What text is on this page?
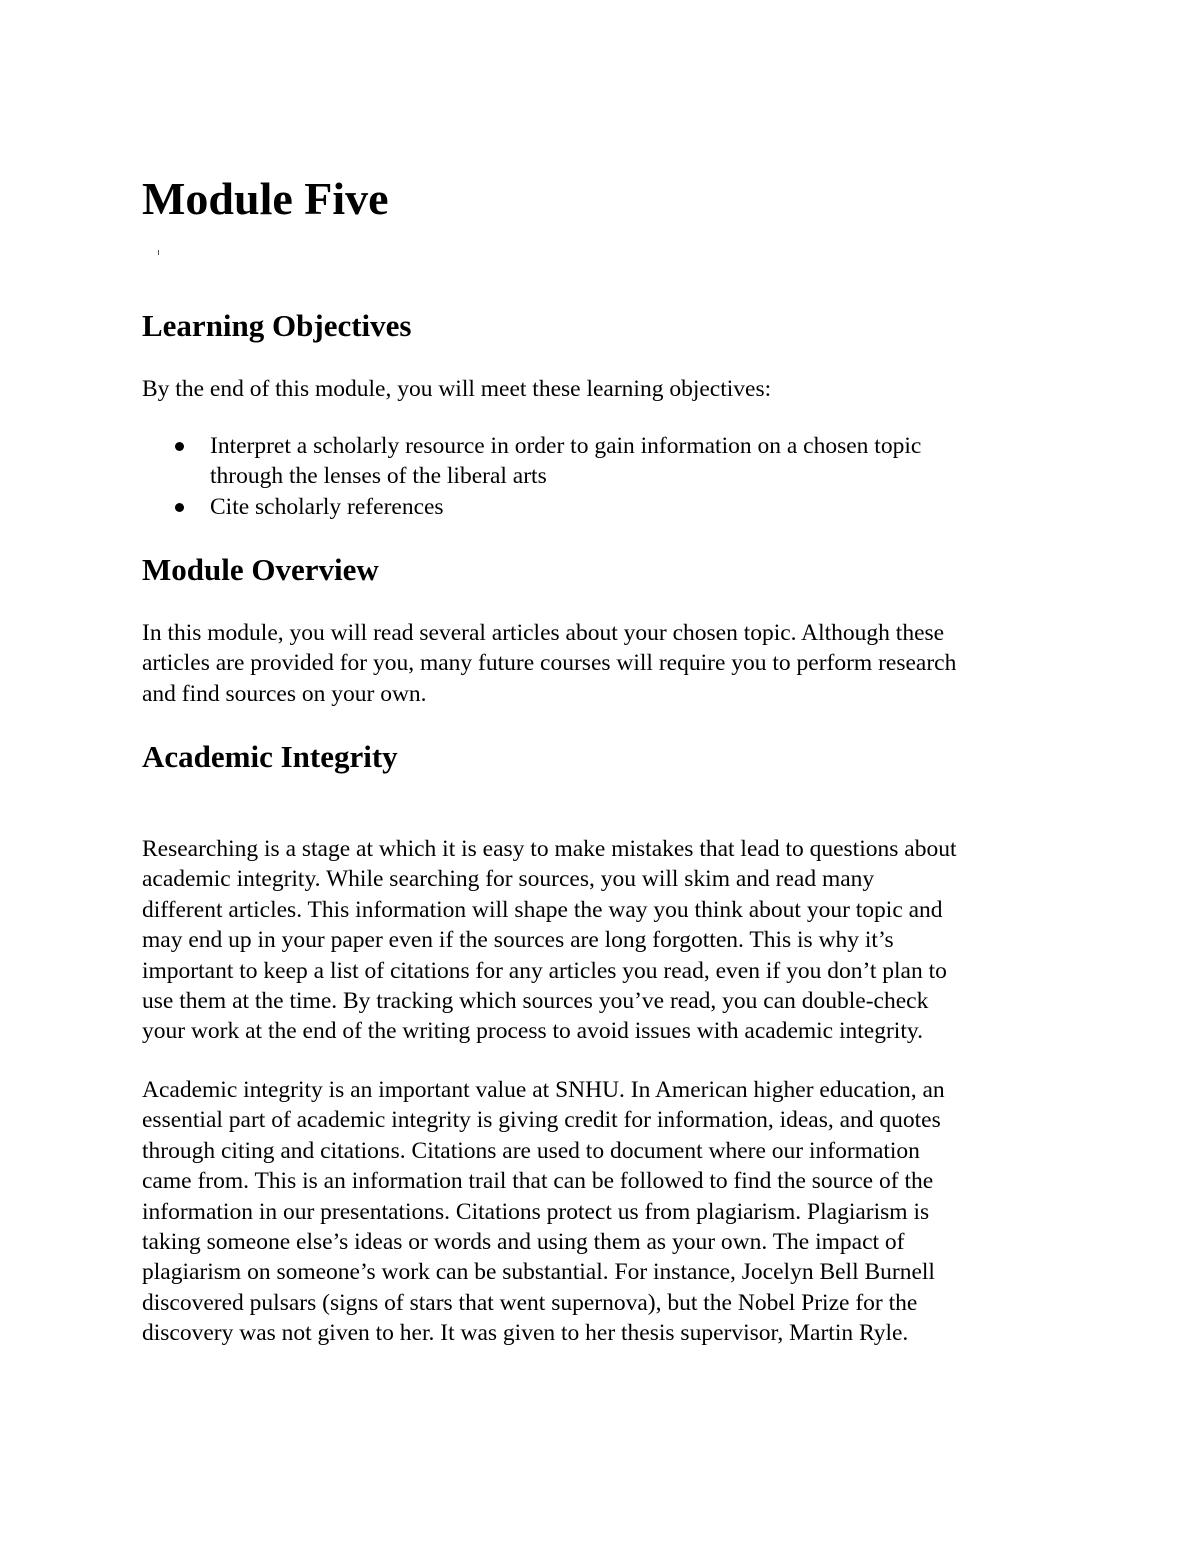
Module Five
Learning Objectives

By the end of this module, you will meet these learning objectives:

Interpret a scholarly resource in order to gain information on a chosen topic
through the lenses of the liberal arts
Cite scholarly references
Module Overview
In this module, you will read several articles about your chosen topic. Although these
articles are provided for you, many future courses will require you to perform research
and find sources on your own.
Academic Integrity
Researching is a stage at which it is easy to make mistakes that lead to questions about
academic integrity. While searching for sources, you will skim and read many
different articles. This information will shape the way you think about your topic and
may end up in your paper even if the sources are long forgotten. This is why it’s
important to keep a list of citations for any articles you read, even if you don’t plan to
use them at the time. By tracking which sources you’ve read, you can double-check
your work at the end of the writing process to avoid issues with academic integrity.
Academic integrity is an important value at SNHU. In American higher education, an
essential part of academic integrity is giving credit for information, ideas, and quotes
through citing and citations. Citations are used to document where our information
came from. This is an information trail that can be followed to find the source of the
information in our presentations. Citations protect us from plagiarism. Plagiarism is
taking someone else’s ideas or words and using them as your own. The impact of
plagiarism on someone’s work can be substantial. For instance, Jocelyn Bell Burnell
discovered pulsars (signs of stars that went supernova), but the Nobel Prize for the
discovery was not given to her. It was given to her thesis supervisor, Martin Ryle.
